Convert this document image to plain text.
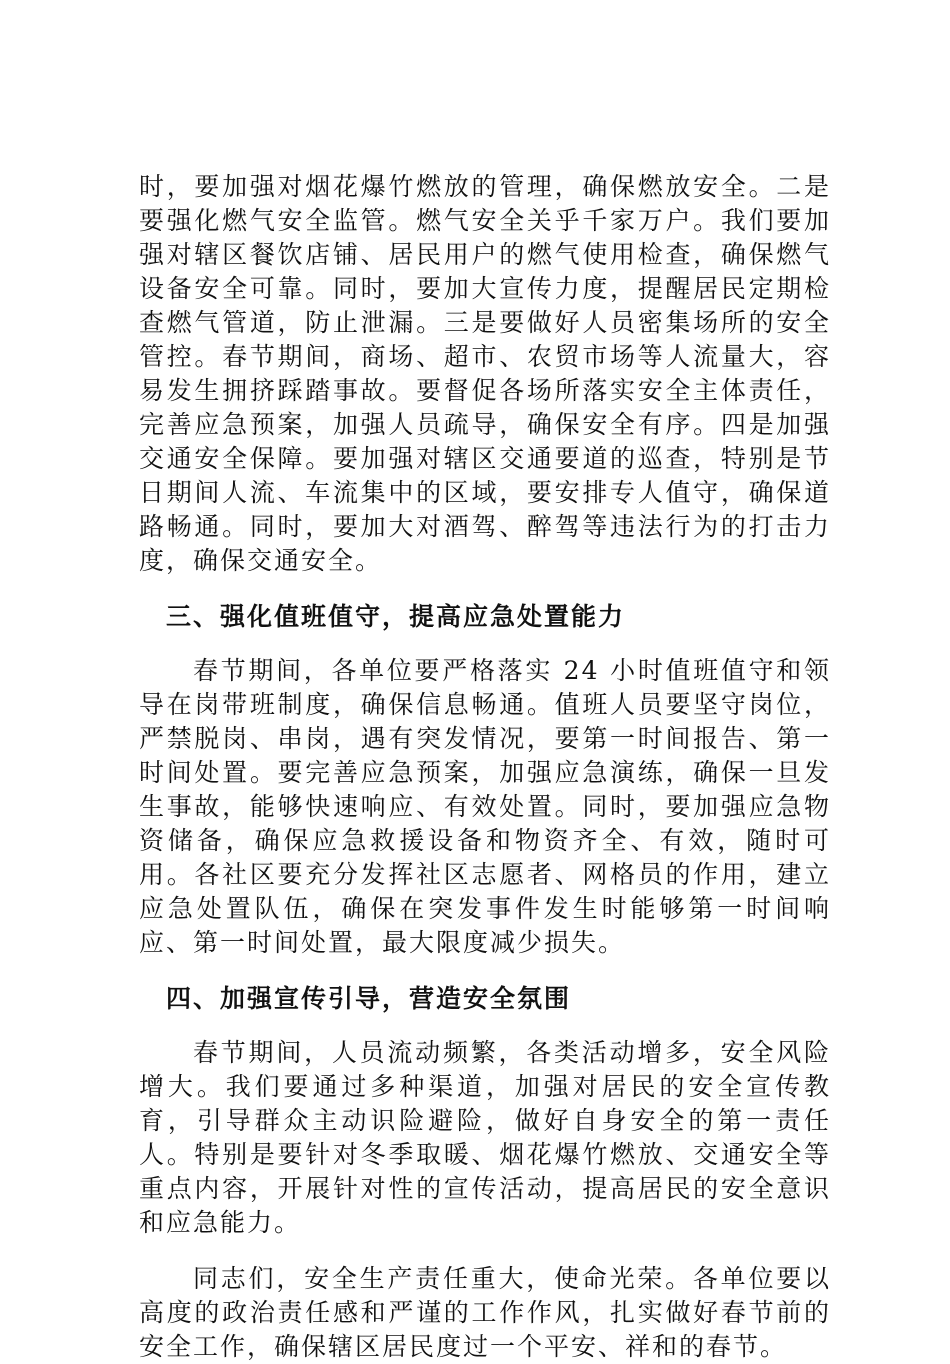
时，要加强对烟花爆竹燃放的管理，确保燃放安全。二是要强化燃气安全监管。燃气安全关乎千家万户。我们要加强对辖区餐饮店铺、居民用户的燃气使用检查，确保燃气设备安全可靠。同时，要加大宣传力度，提醒居民定期检查燃气管道，防止泄漏。三是要做好人员密集场所的安全管控。春节期间，商场、超市、农贸市场等人流量大，容易发生拥挤踩踏事故。要督促各场所落实安全主体责任，完善应急预案，加强人员疏导，确保安全有序。四是加强交通安全保障。要加强对辖区交通要道的巡查，特别是节日期间人流、车流集中的区域，要安排专人值守，确保道路畅通。同时，要加大对酒驾、醉驾等违法行为的打击力度，确保交通安全。

三、强化值班值守，提高应急处置能力

春节期间，各单位要严格落实 24 小时值班值守和领导在岗带班制度，确保信息畅通。值班人员要坚守岗位，严禁脱岗、串岗，遇有突发情况，要第一时间报告、第一时间处置。要完善应急预案，加强应急演练，确保一旦发生事故，能够快速响应、有效处置。同时，要加强应急物资储备，确保应急救援设备和物资齐全、有效，随时可用。各社区要充分发挥社区志愿者、网格员的作用，建立应急处置队伍，确保在突发事件发生时能够第一时间响应、第一时间处置，最大限度减少损失。

四、加强宣传引导，营造安全氛围

春节期间，人员流动频繁，各类活动增多，安全风险增大。我们要通过多种渠道，加强对居民的安全宣传教育，引导群众主动识险避险，做好自身安全的第一责任人。特别是要针对冬季取暖、烟花爆竹燃放、交通安全等重点内容，开展针对性的宣传活动，提高居民的安全意识和应急能力。

同志们，安全生产责任重大，使命光荣。各单位要以高度的政治责任感和严谨的工作作风，扎实做好春节前的安全工作，确保辖区居民度过一个平安、祥和的春节。
